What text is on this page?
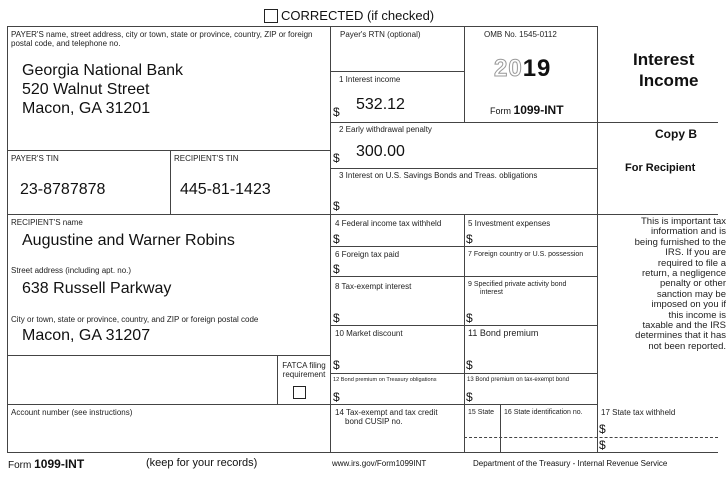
CORRECTED (if checked)
PAYER'S name, street address, city or town, state or province, country, ZIP or foreign postal code, and telephone no.
Georgia National Bank
520 Walnut Street
Macon, GA 31201
Payer's RTN (optional)	OMB No. 1545-0112
2019
Form 1099-INT
Interest
Income
Copy B
For Recipient
This is important tax
information and is
being furnished to the
IRS. If you are
required to file a
return, a negligence
penalty or other
sanction may be
imposed on you if
this income is
taxable and the IRS
determines that it has
not been reported.
1 Interest income
$ 532.12
2 Early withdrawal penalty
$ 300.00
3 Interest on U.S. Savings Bonds and Treas. obligations
$
PAYER'S TIN
23-8787878
RECIPIENT'S TIN
445-81-1423
RECIPIENT'S name
Augustine and Warner Robins
Street address (including apt. no.)
638 Russell Parkway
City or town, state or province, country, and ZIP or foreign postal code
Macon, GA 31207
FATCA filing
requirement
Account number (see instructions)
4 Federal income tax withheld
$
5 Investment expenses
$
6 Foreign tax paid
$
7 Foreign country or U.S. possession
8 Tax-exempt interest
$
9 Specified private activity bond
interest
$
10 Market discount
$
11 Bond premium
$
12 Bond premium on Treasury obligations
$
13 Bond premium on tax-exempt bond
$
14 Tax-exempt and tax credit
bond CUSIP no.
15 State 16 State identification no. 17 State tax withheld
$
$
Form 1099-INT	(keep for your records)	www.irs.gov/Form1099INT	Department of the Treasury - Internal Revenue Service
